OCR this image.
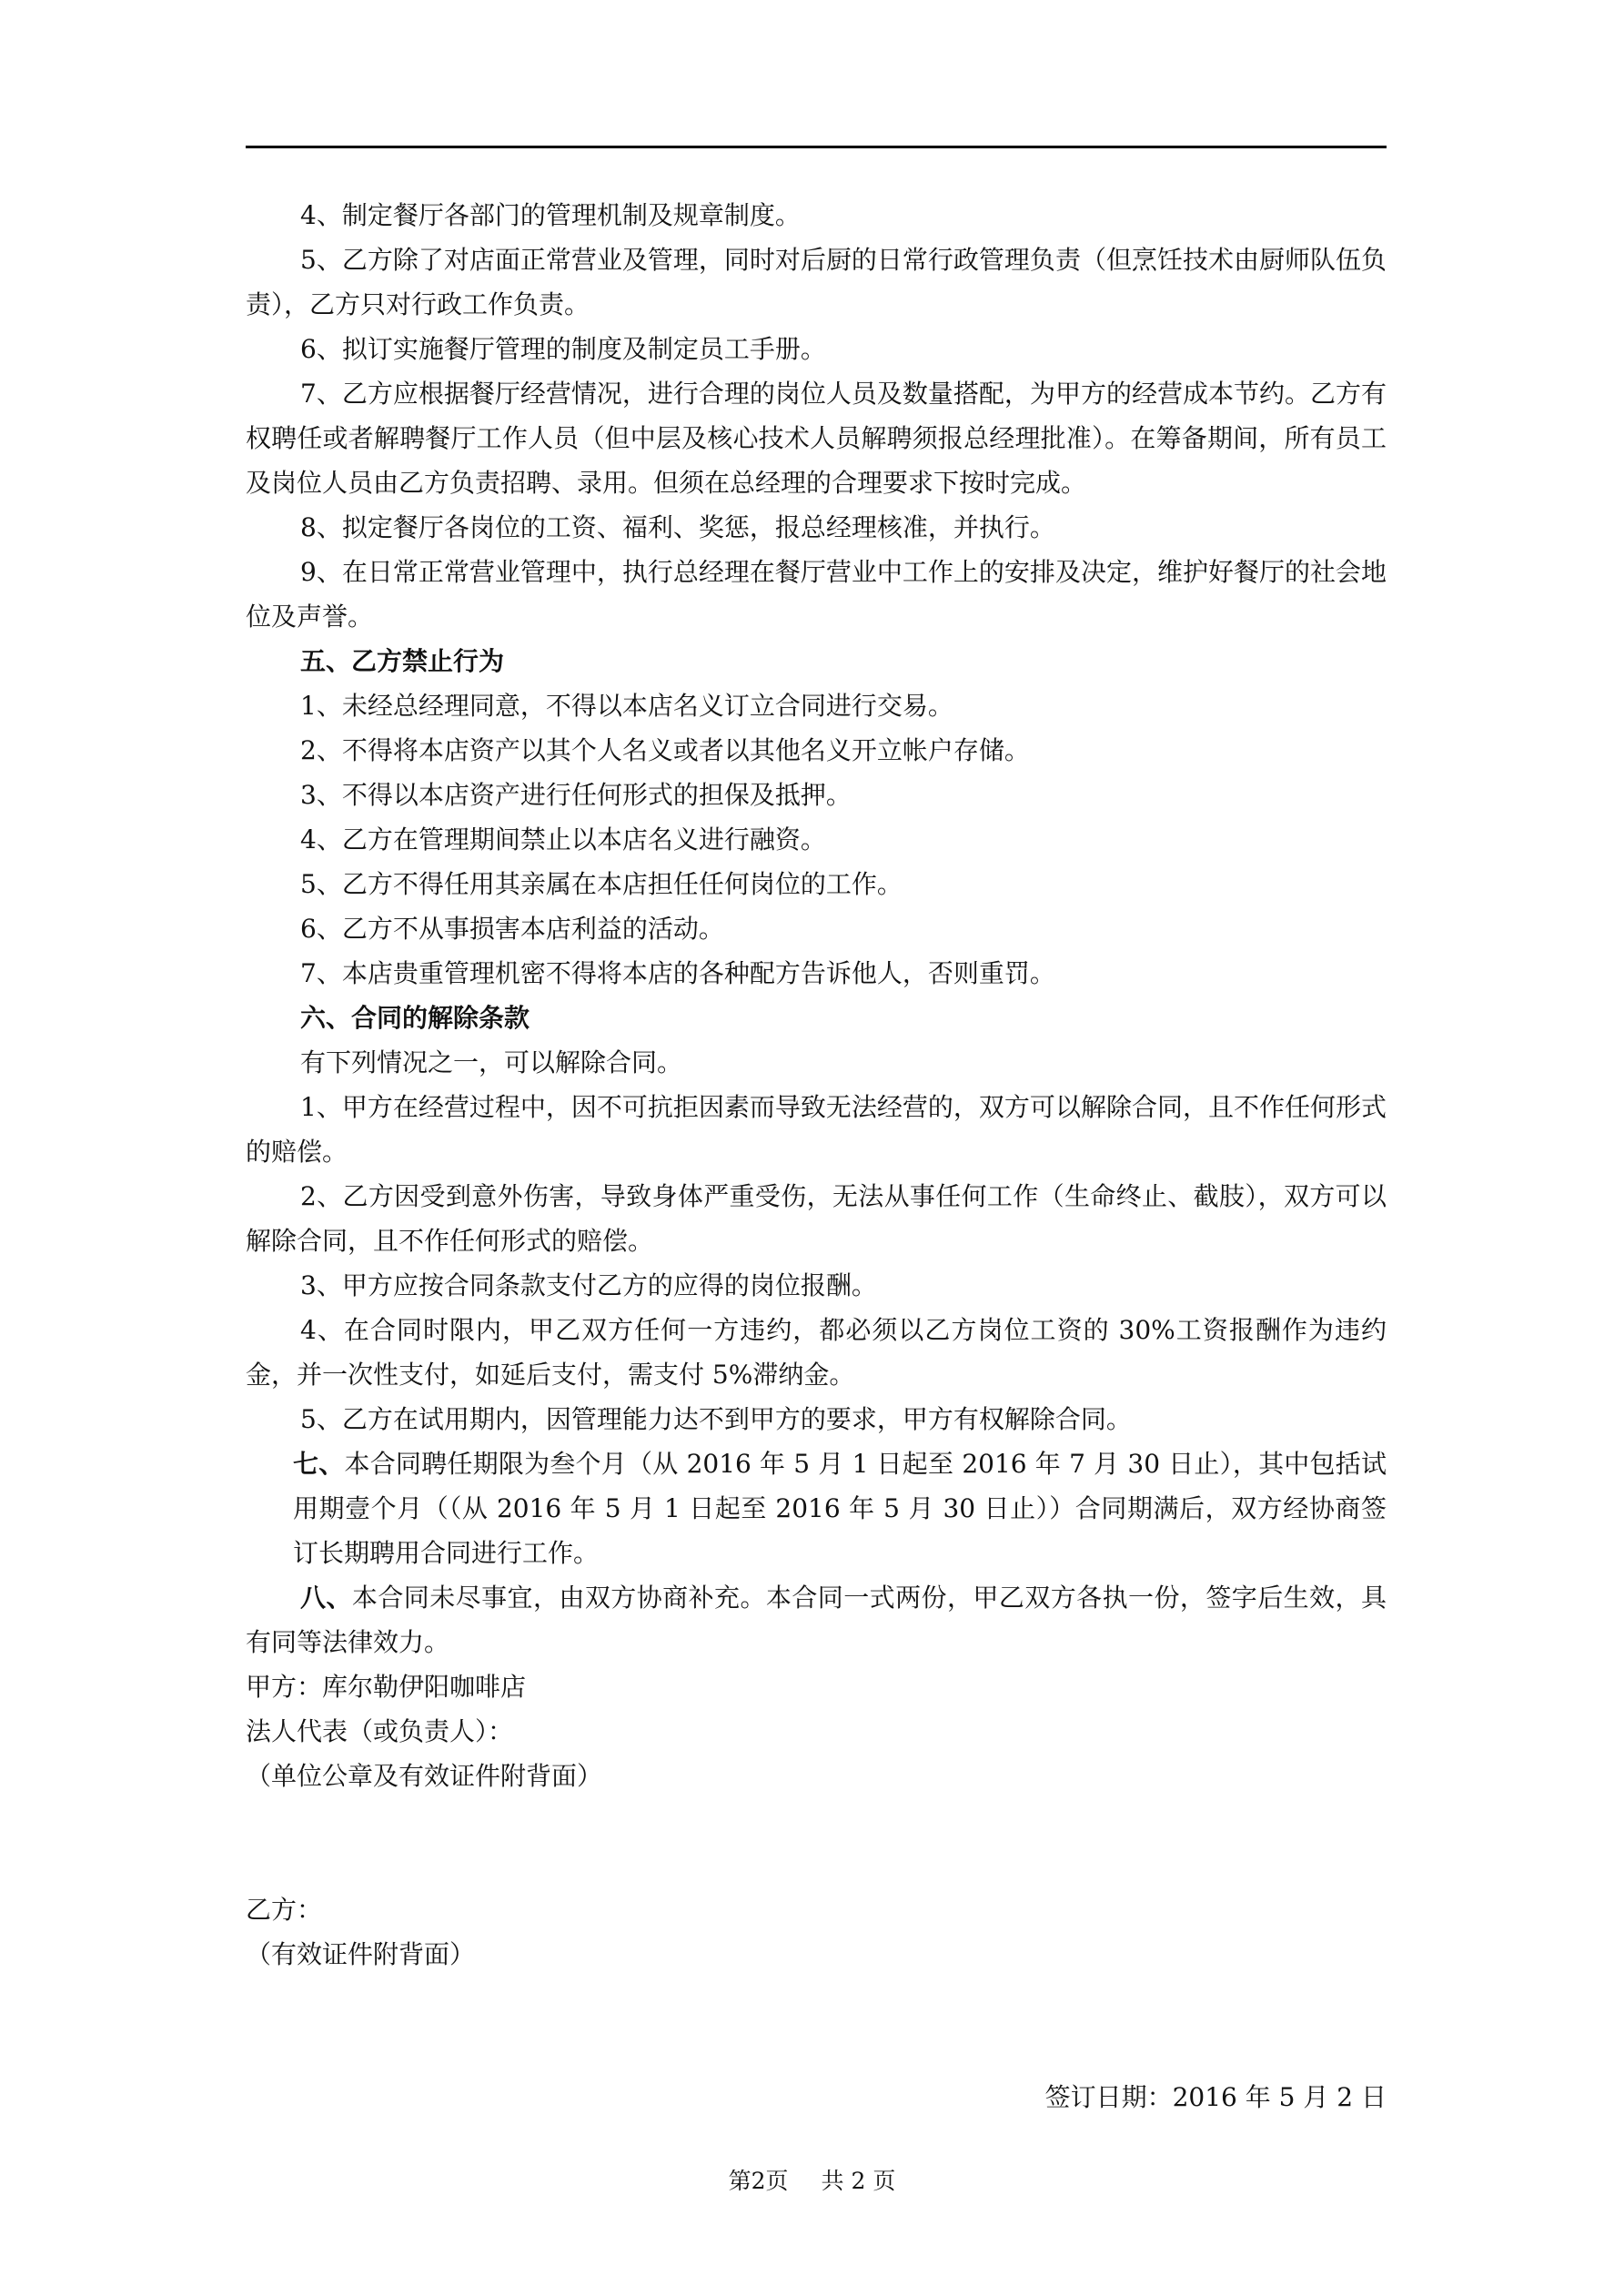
4、制定餐厅各部门的管理机制及规章制度。

5、乙方除了对店面正常营业及管理，同时对后厨的日常行政管理负责（但烹饪技术由厨师队伍负责），乙方只对行政工作负责。

6、拟订实施餐厅管理的制度及制定员工手册。

7、乙方应根据餐厅经营情况，进行合理的岗位人员及数量搭配，为甲方的经营成本节约。乙方有权聘任或者解聘餐厅工作人员（但中层及核心技术人员解聘须报总经理批准）。在筹备期间，所有员工及岗位人员由乙方负责招聘、录用。但须在总经理的合理要求下按时完成。

8、拟定餐厅各岗位的工资、福利、奖惩，报总经理核准，并执行。

9、在日常正常营业管理中，执行总经理在餐厅营业中工作上的安排及决定，维护好餐厅的社会地位及声誉。

五、乙方禁止行为

1、未经总经理同意，不得以本店名义订立合同进行交易。

2、不得将本店资产以其个人名义或者以其他名义开立帐户存储。

3、不得以本店资产进行任何形式的担保及抵押。

4、乙方在管理期间禁止以本店名义进行融资。

5、乙方不得任用其亲属在本店担任任何岗位的工作。

6、乙方不从事损害本店利益的活动。

7、本店贵重管理机密不得将本店的各种配方告诉他人，否则重罚。

六、合同的解除条款

有下列情况之一，可以解除合同。

1、甲方在经营过程中，因不可抗拒因素而导致无法经营的，双方可以解除合同，且不作任何形式的赔偿。

2、乙方因受到意外伤害，导致身体严重受伤，无法从事任何工作（生命终止、截肢），双方可以解除合同，且不作任何形式的赔偿。

3、甲方应按合同条款支付乙方的应得的岗位报酬。

4、在合同时限内，甲乙双方任何一方违约，都必须以乙方岗位工资的 30%工资报酬作为违约金，并一次性支付，如延后支付，需支付 5%滞纳金。

5、乙方在试用期内，因管理能力达不到甲方的要求，甲方有权解除合同。

七、本合同聘任期限为叁个月（从 2016 年 5 月 1 日起至 2016 年 7 月 30 日止），其中包括试用期壹个月（（从 2016 年 5 月 1 日起至 2016 年 5 月 30 日止））合同期满后，双方经协商签订长期聘用合同进行工作。

八、本合同未尽事宜，由双方协商补充。本合同一式两份，甲乙双方各执一份，签字后生效，具有同等法律效力。

甲方：库尔勒伊阳咖啡店

法人代表（或负责人）：

（单位公章及有效证件附背面）

乙方：

（有效证件附背面）

签订日期：2016 年 5 月 2 日

第2页 共 2 页
